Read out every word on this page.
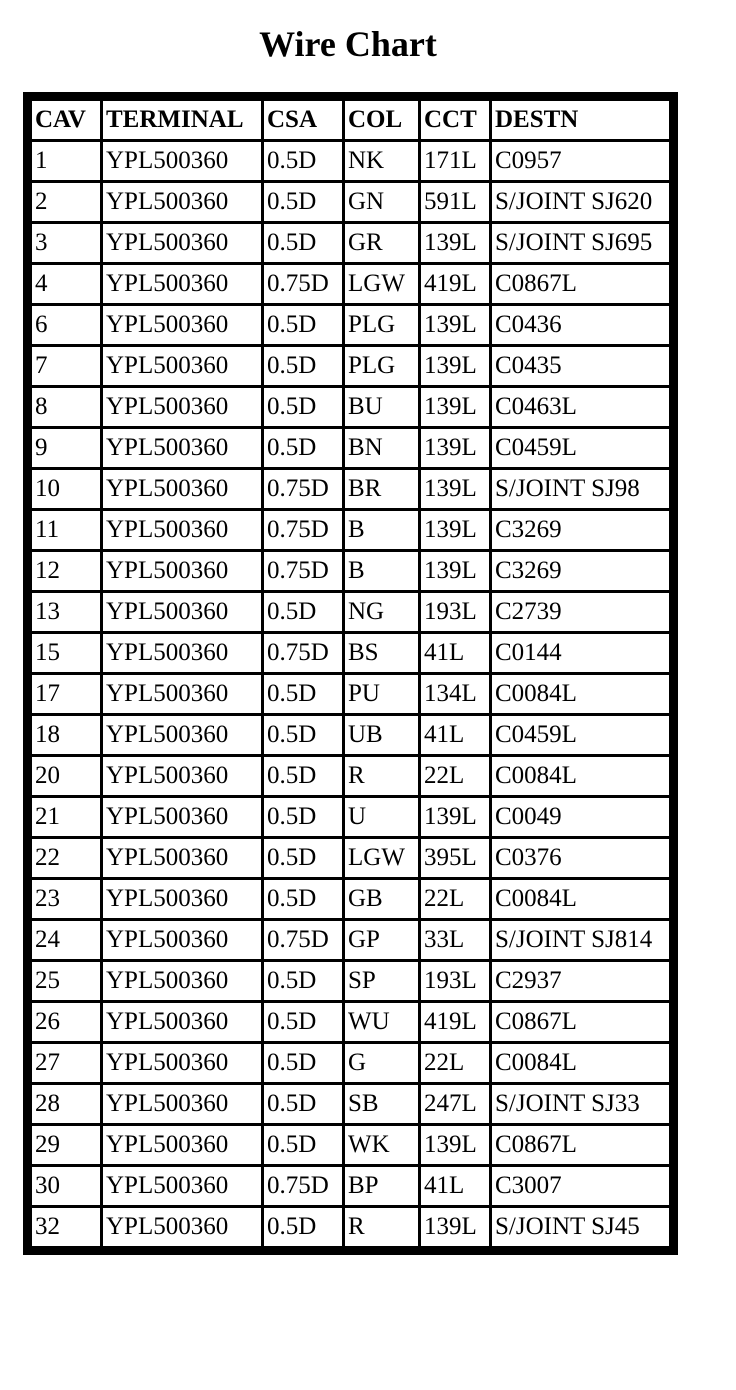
Wire Chart
CAV	TERMINAL	CSA	COL	CCT	DESTN
1	YPL500360	0.5D	NK	171L	C0957
2	YPL500360	0.5D	GN	591L	S/JOINT SJ620
3	YPL500360	0.5D	GR	139L	S/JOINT SJ695
4	YPL500360	0.75D	LGW	419L	C0867L
6	YPL500360	0.5D	PLG	139L	C0436
7	YPL500360	0.5D	PLG	139L	C0435
8	YPL500360	0.5D	BU	139L	C0463L
9	YPL500360	0.5D	BN	139L	C0459L
10	YPL500360	0.75D	BR	139L	S/JOINT SJ98
11	YPL500360	0.75D	B	139L	C3269
12	YPL500360	0.75D	B	139L	C3269
13	YPL500360	0.5D	NG	193L	C2739
15	YPL500360	0.75D	BS	41L	C0144
17	YPL500360	0.5D	PU	134L	C0084L
18	YPL500360	0.5D	UB	41L	C0459L
20	YPL500360	0.5D	R	22L	C0084L
21	YPL500360	0.5D	U	139L	C0049
22	YPL500360	0.5D	LGW	395L	C0376
23	YPL500360	0.5D	GB	22L	C0084L
24	YPL500360	0.75D	GP	33L	S/JOINT SJ814
25	YPL500360	0.5D	SP	193L	C2937
26	YPL500360	0.5D	WU	419L	C0867L
27	YPL500360	0.5D	G	22L	C0084L
28	YPL500360	0.5D	SB	247L	S/JOINT SJ33
29	YPL500360	0.5D	WK	139L	C0867L
30	YPL500360	0.75D	BP	41L	C3007
32	YPL500360	0.5D	R	139L	S/JOINT SJ45
